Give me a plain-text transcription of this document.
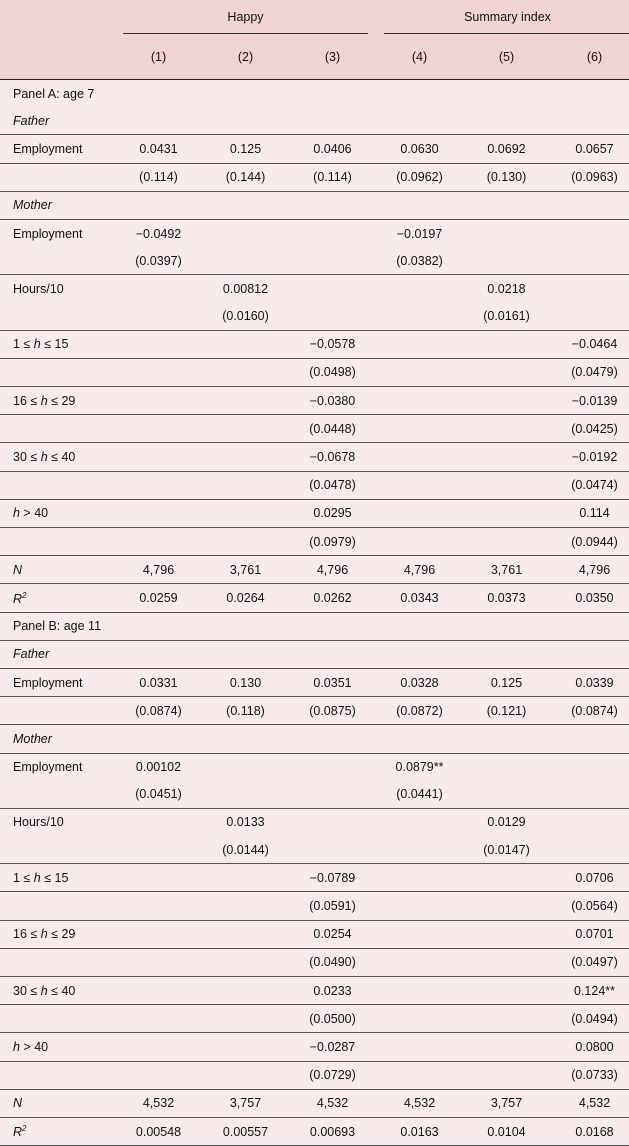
	Happy			Summary index		

	(1)	(2)	(3)	(4)	(5)	(6)
Panel A: age 7						
Father						
Employment	0.0431	0.125	0.0406	0.0630	0.0692	0.0657
	(0.114)	(0.144)	(0.114)	(0.0962)	(0.130)	(0.0963)
Mother						
Employment	−0.0492			−0.0197		
	(0.0397)			(0.0382)		
Hours/10		0.00812			0.0218	
		(0.0160)			(0.0161)	
1 ≤ h ≤ 15			−0.0578			−0.0464
			(0.0498)			(0.0479)
16 ≤ h ≤ 29			−0.0380			−0.0139
			(0.0448)			(0.0425)
30 ≤ h ≤ 40			−0.0678			−0.0192
			(0.0478)			(0.0474)
h > 40			0.0295			0.114
			(0.0979)			(0.0944)
N	4,796	3,761	4,796	4,796	3,761	4,796
$R^2$	0.0259	0.0264	0.0262	0.0343	0.0373	0.0350
Panel B: age 11						
Father						
Employment	0.0331	0.130	0.0351	0.0328	0.125	0.0339
	(0.0874)	(0.118)	(0.0875)	(0.0872)	(0.121)	(0.0874)
Mother						
Employment	0.00102			0.0879**		
	(0.0451)			(0.0441)		
Hours/10		0.0133			0.0129	
		(0.0144)			(0.0147)	
1 ≤ h ≤ 15			−0.0789			0.0706
			(0.0591)			(0.0564)
16 ≤ h ≤ 29			0.0254			0.0701
			(0.0490)			(0.0497)
30 ≤ h ≤ 40			0.0233			0.124**
			(0.0500)			(0.0494)
h > 40			−0.0287			0.0800
			(0.0729)			(0.0733)
N	4,532	3,757	4,532	4,532	3,757	4,532
$R^2$	0.00548	0.00557	0.00693	0.0163	0.0104	0.0168
